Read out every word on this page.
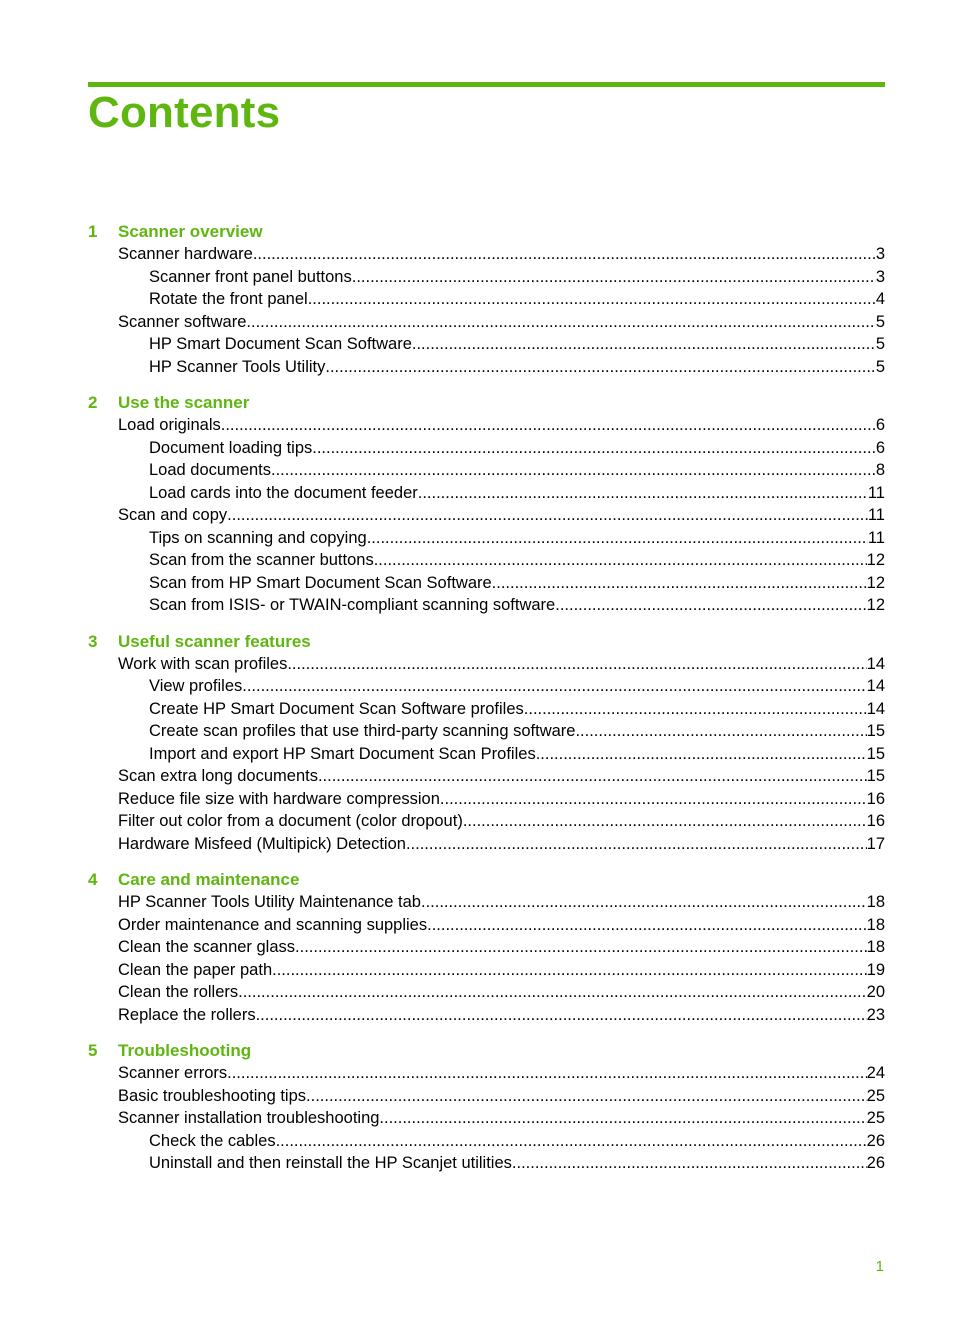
Contents
1	Scanner overview
Scanner hardware .....	3
Scanner front panel buttons .....	3
Rotate the front panel .....	4
Scanner software .....	5
HP Smart Document Scan Software .....	5
HP Scanner Tools Utility .....	5
2	Use the scanner
Load originals .....	6
Document loading tips .....	6
Load documents .....	8
Load cards into the document feeder .....	11
Scan and copy .....	11
Tips on scanning and copying .....	11
Scan from the scanner buttons .....	12
Scan from HP Smart Document Scan Software .....	12
Scan from ISIS- or TWAIN-compliant scanning software .....	12
3	Useful scanner features
Work with scan profiles .....	14
View profiles .....	14
Create HP Smart Document Scan Software profiles .....	14
Create scan profiles that use third-party scanning software .....	15
Import and export HP Smart Document Scan Profiles .....	15
Scan extra long documents .....	15
Reduce file size with hardware compression .....	16
Filter out color from a document (color dropout) .....	16
Hardware Misfeed (Multipick) Detection .....	17
4	Care and maintenance
HP Scanner Tools Utility Maintenance tab .....	18
Order maintenance and scanning supplies .....	18
Clean the scanner glass .....	18
Clean the paper path .....	19
Clean the rollers .....	20
Replace the rollers .....	23
5	Troubleshooting
Scanner errors .....	24
Basic troubleshooting tips .....	25
Scanner installation troubleshooting .....	25
Check the cables .....	26
Uninstall and then reinstall the HP Scanjet utilities .....	26
1
